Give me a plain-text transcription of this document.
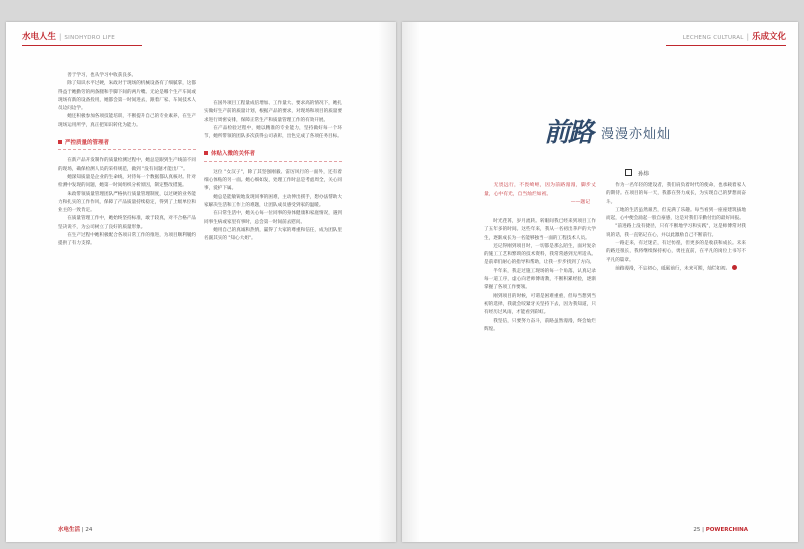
水电人生 | SINOHYDRO LIFE

善于学习，也从学习中收获良多。

除了知识水平过硬，朱政对于现场的机械设备有了细腻掌，这都得益于她勤劳的两条腿和手脚下间的两片嘴。无论是哪个生产车间或现场有新的设备投用，她都会第一时间进去，跟着厂家、车间技术人员边问边学。

她还积极参加各项技能培训，不断提升自己的专业素养，在生产现场运用所学，真正把知识转化为能力。

严控质量的管理者

在新产品开发制作的质量检测过程中，她总是跟到生产线前不同的现场，确保检测人员的采样规范，做到 "没有问题才能出厂"。

她深知质量是企业的生命线，对待每一个数据都认真核对。针对检测中发现的问题，她第一时间组织分析原因，制定整改措施。

朱政带领质量管理团队严格执行质量管理制度，以过硬的业务能力和扎实的工作作风，保障了产品质量持续稳定，得到了上级单位和业主的一致肯定。

在质量管理工作中，她始终坚持标准，敢于较真，对不合格产品坚决说不，为公司树立了良好的质量形象。

在生产过程中她积极配合各项日常工作的推进，为项目顺利履约提供了有力支撑。

在国外项目工程量成倍增加、工作量大、要求高的情况下，她扎实做好生产前的质量计划，根据产品的要求，对现场和项目的质量要求进行周密安排，保障正常生产和质量管理工作的有效开展。

在产品检验过程中，她以精准的专业能力，坚持做好每一个环节，她所带领的团队多次获得公司表彰，出色完成了各项任务目标。

体贴入微的关怀者

这位 "女汉子"，除了其坚强刚毅、雷厉风行的一面外，还有着细心体贴的另一面。她心细如发，处理工作时总是考虑周全，关心同事，爱护下属。

她总是能敏锐地发现同事的困难，主动伸出援手，想办法帮助大家解决生活和工作上的难题，让团队成员感受到家的温暖。

在日常生活中，她关心每一位同事的身体健康和家庭情况，遇到同事生病或家里有事时，总会第一时间前去慰问。

她用自己的真诚和热情，赢得了大家的尊重和信任，成为团队里名副其实的 "知心大姐"。

水电生活 | 24
LECHENG CULTURAL | 乐成文化
前路 漫漫亦灿灿
孙炜
无畏远行，不畏崎岖，因为前路漫漫，脚步丈量，心中有光，自当灿烂如初。
——题记

时光荏苒，岁月流转。转眼间我已经来到项目工作了五年多的时间。这些年来，我从一名初出茅庐的大学生，逐渐成长为一名能够独当一面的工程技术人员。

还记得刚到项目时，一切都是那么陌生，面对复杂的施工工艺和繁琐的技术资料，我常常感到无所适从。是前辈们耐心的指导和帮助，让我一步步找到了方向。

半年来，我走过施工现场的每一个角落，认真记录每一道工序，虚心向老师傅请教，不断积累经验，逐渐掌握了各项工作要领。

刚到项目的时候，可谓是困难重重，但每当想到当初的选择，我就会咬紧牙关坚持下去，因为我知道，只有经历过风雨，才能看到彩虹。

我坚信，只要努力奋斗，前路虽然漫漫，终会灿烂辉煌。

作为一名年轻的建设者，我们肩负着时代的使命，也承载着家人的期待。在项目的每一天，我都在努力成长，为实现自己的梦想而奋斗。

工地的生活虽然艰苦，但充满了乐趣。每当看到一座座建筑拔地而起，心中便会涌起一股自豪感，这是对我们辛勤付出的最好回报。

"前进路上没有捷径，只有不断地学习和实践"，这是师傅常对我说的话，我一直铭记在心，并以此激励自己不断前行。

一路走来，有过迷茫，有过彷徨，但更多的是收获和成长。未来的路还很长，我将继续保持初心，勇往直前，在平凡的岗位上书写不平凡的篇章。

前路漫漫，不忘初心，砥砺前行，未来可期，灿烂如初。

25 | POWERCHINA
